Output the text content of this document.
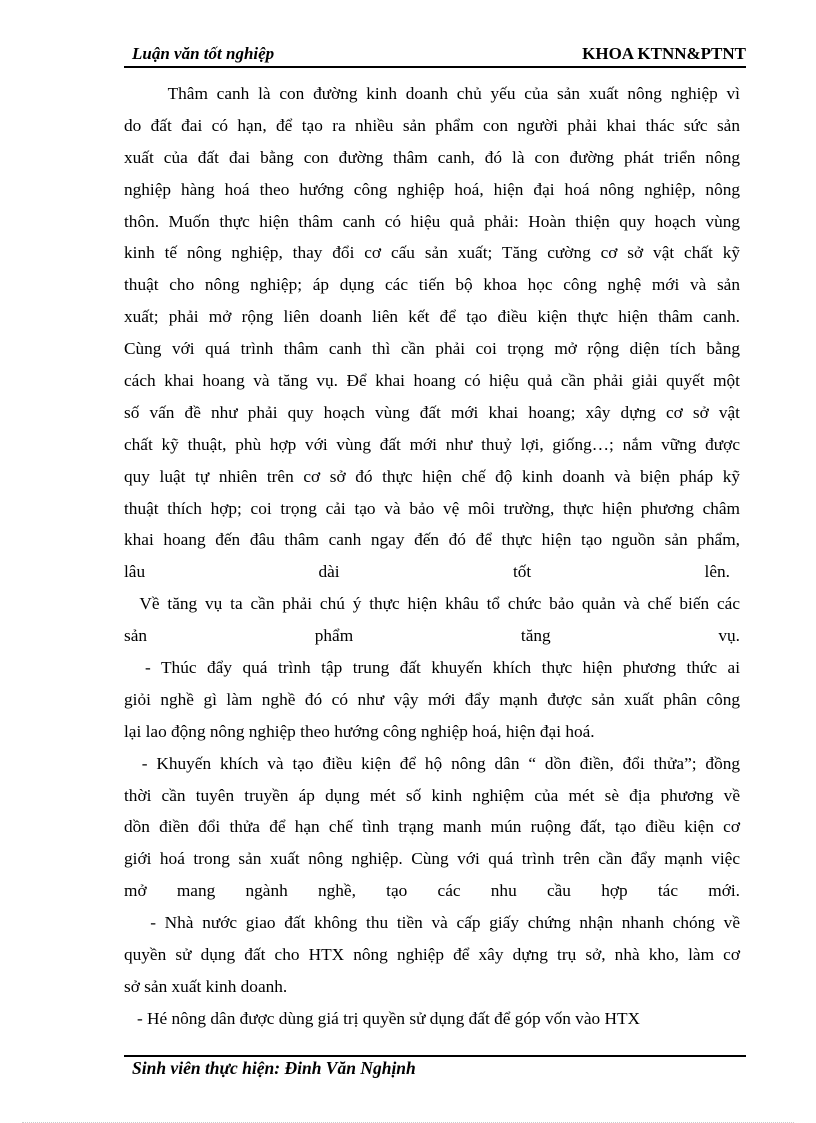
Luận văn tốt nghiệp	KHOA KTNN&PTNT
Thâm canh là con đường kinh doanh chủ yếu của sản xuất nông nghiệp vì
do đất đai có hạn, để tạo ra nhiều sản phẩm con người phải khai thác sức sản
xuất của đất đai bằng con đường thâm canh, đó là con đường phát triển nông
nghiệp hàng hoá theo hướng công nghiệp hoá, hiện đại hoá nông nghiệp, nông
thôn. Muốn thực hiện thâm canh có hiệu quả phải: Hoàn thiện quy hoạch vùng
kinh tế nông nghiệp, thay đổi cơ cấu sản xuất; Tăng cường cơ sở vật chất kỹ
thuật cho nông nghiệp; áp dụng các tiến bộ khoa học công nghệ mới và sản
xuất; phải mở rộng liên doanh liên kết để tạo điều kiện thực hiện thâm canh.
Cùng với quá trình thâm canh thì cần phải coi trọng mở rộng diện tích bằng
cách khai hoang và tăng vụ. Để khai hoang có hiệu quả cần phải giải quyết một
số vấn đề như phải quy hoạch vùng đất mới khai hoang; xây dựng cơ sở vật
chất kỹ thuật, phù hợp với vùng đất mới như thuỷ lợi, giống…; nắm vững được
quy luật tự nhiên trên cơ sở đó thực hiện chế độ kinh doanh và biện pháp kỹ
thuật thích hợp; coi trọng cải tạo và bảo vệ môi trường, thực hiện phương châm
khai hoang đến đâu thâm canh ngay đến đó để thực hiện tạo nguồn sản phẩm,
lâu dài tốt lên.
Về tăng vụ ta cần phải chú ý thực hiện khâu tổ chức bảo quản và chế biến các
sản phẩm tăng vụ.
- Thúc đẩy quá trình tập trung đất khuyến khích thực hiện phương thức ai
giỏi nghề gì làm nghề đó có như vậy mới đẩy mạnh được sản xuất phân công
lại lao động nông nghiệp theo hướng công nghiệp hoá, hiện đại hoá.
- Khuyến khích và tạo điều kiện để hộ nông dân “ dồn điền, đổi thửa”; đồng
thời cần tuyên truyền áp dụng mét số kinh nghiệm của mét sè địa phương về
dồn điền đổi thửa để hạn chế tình trạng manh mún ruộng đất, tạo điều kiện cơ
giới hoá trong sản xuất nông nghiệp. Cùng với quá trình trên cần đẩy mạnh việc
mở mang ngành nghề, tạo các nhu cầu hợp tác mới.
- Nhà nước giao đất không thu tiền và cấp giấy chứng nhận nhanh chóng về
quyền sử dụng đất cho HTX nông nghiệp để xây dựng trụ sở, nhà kho, làm cơ
sở sản xuất kinh doanh.
- Hé nông dân được dùng giá trị quyền sử dụng đất để góp vốn vào HTX
Sinh viên thực hiện: Đinh Văn Nghịnh
